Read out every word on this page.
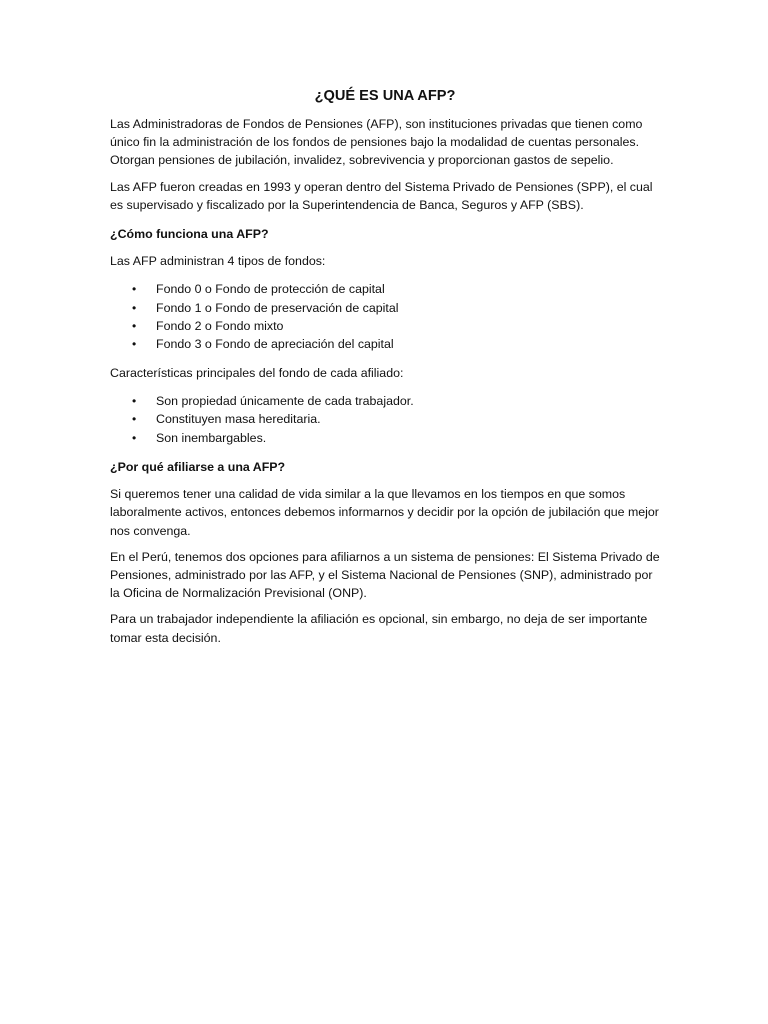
¿QUÉ ES UNA AFP?

Las Administradoras de Fondos de Pensiones (AFP), son instituciones privadas que tienen como único fin la administración de los fondos de pensiones bajo la modalidad de cuentas personales. Otorgan pensiones de jubilación, invalidez, sobrevivencia y proporcionan gastos de sepelio.

Las AFP fueron creadas en 1993 y operan dentro del Sistema Privado de Pensiones (SPP), el cual es supervisado y fiscalizado por la Superintendencia de Banca, Seguros y AFP (SBS).

¿Cómo funciona una AFP?

Las AFP administran 4 tipos de fondos:

• Fondo 0 o Fondo de protección de capital
• Fondo 1 o Fondo de preservación de capital
• Fondo 2 o Fondo mixto
• Fondo 3 o Fondo de apreciación del capital

Características principales del fondo de cada afiliado:

• Son propiedad únicamente de cada trabajador.
• Constituyen masa hereditaria.
• Son inembargables.
¿Por qué afiliarse a una AFP?

Si queremos tener una calidad de vida similar a la que llevamos en los tiempos en que somos laboralmente activos, entonces debemos informarnos y decidir por la opción de jubilación que mejor nos convenga.

En el Perú, tenemos dos opciones para afiliarnos a un sistema de pensiones: El Sistema Privado de Pensiones, administrado por las AFP, y el Sistema Nacional de Pensiones (SNP), administrado por la Oficina de Normalización Previsional (ONP).

Para un trabajador independiente la afiliación es opcional, sin embargo, no deja de ser importante tomar esta decisión.
